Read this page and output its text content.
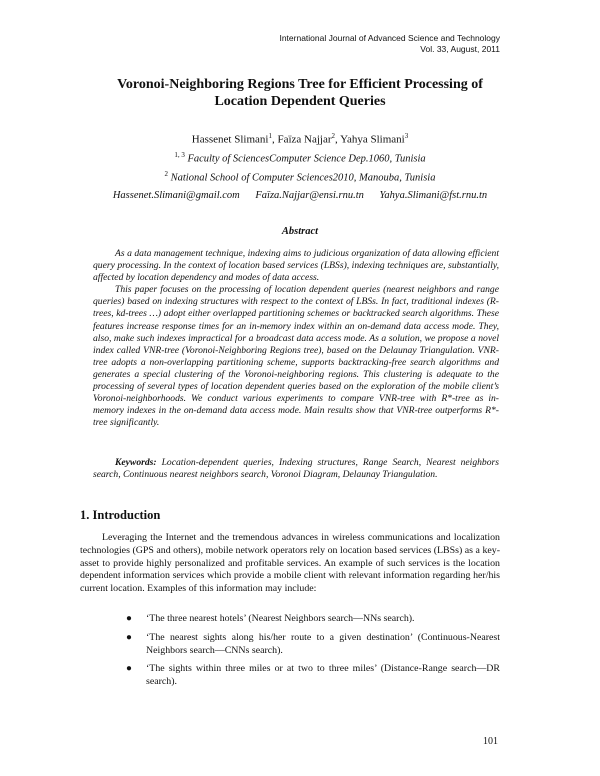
International Journal of Advanced Science and Technology
Vol. 33, August, 2011
Voronoi-Neighboring Regions Tree for Efficient Processing of
Location Dependent Queries
Hassenet Slimani$^1$, Faïza Najjar$^2$, Yahya Slimani$^3$
$^{1, 3}$ Faculty of SciencesComputer Science Dep.1060, Tunisia
$^2$ National School of Computer Sciences2010, Manouba, Tunisia
Hassenet.Slimani@gmail.com Faïza.Najjar@ensi.rnu.tn Yahya.Slimani@fst.rnu.tn
Abstract

As a data management technique, indexing aims to judicious organization of data allowing efficient query processing. In the context of location based services (LBSs), indexing techniques are, substantially, affected by location dependency and modes of data access.

This paper focuses on the processing of location dependent queries (nearest neighbors and range queries) based on indexing structures with respect to the context of LBSs. In fact, traditional indexes (R-trees, kd-trees …) adopt either overlapped partitioning schemes or backtracked search algorithms. These features increase response times for an in-memory index within an on-demand data access mode. They, also, make such indexes impractical for a broadcast data access mode. As a solution, we propose a novel index called VNR-tree (Voronoi-Neighboring Regions tree), based on the Delaunay Triangulation. VNR-tree adopts a non-overlapping partitioning scheme, supports backtracking-free search algorithms and generates a special clustering of the Voronoi-neighboring regions. This clustering is adequate to the processing of several types of location dependent queries based on the exploration of the mobile client’s Voronoi-neighborhoods. We conduct various experiments to compare VNR-tree with R*-tree as in-memory indexes in the on-demand data access mode. Main results show that VNR-tree outperforms R*-tree significantly.

Keywords: Location-dependent queries, Indexing structures, Range Search, Nearest neighbors search, Continuous nearest neighbors search, Voronoi Diagram, Delaunay Triangulation.

1. Introduction

Leveraging the Internet and the tremendous advances in wireless communications and localization technologies (GPS and others), mobile network operators rely on location based services (LBSs) as a key-asset to provide highly personalized and profitable services. An example of such services is the location dependent information services which provide a mobile client with relevant information regarding her/his current location. Examples of this information may include:

● ‘The three nearest hotels’ (Nearest Neighbors search—NNs search).
● ‘The nearest sights along his/her route to a given destination’ (Continuous-Nearest Neighbors search—CNNs search).
● ‘The sights within three miles or at two to three miles’ (Distance-Range search—DR search).
101
